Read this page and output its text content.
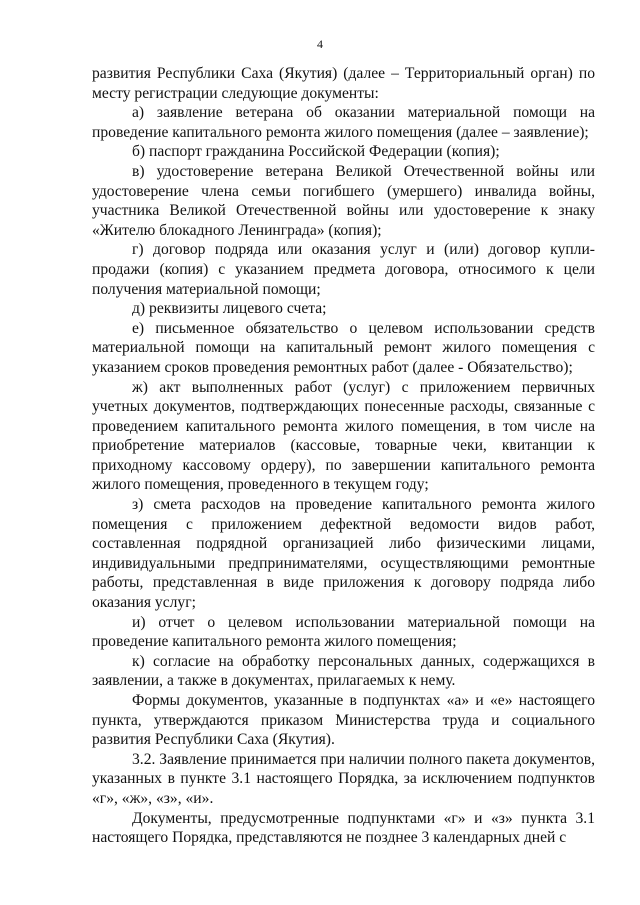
4

развития Республики Саха (Якутия) (далее – Территориальный орган) по месту регистрации следующие документы:

а) заявление ветерана об оказании материальной помощи на проведение капитального ремонта жилого помещения (далее – заявление);

б) паспорт гражданина Российской Федерации (копия);

в) удостоверение ветерана Великой Отечественной войны или удостоверение члена семьи погибшего (умершего) инвалида войны, участника Великой Отечественной войны или удостоверение к знаку «Жителю блокадного Ленинграда» (копия);

г) договор подряда или оказания услуг и (или) договор купли-продажи (копия) с указанием предмета договора, относимого к цели получения материальной помощи;

д) реквизиты лицевого счета;

е) письменное обязательство о целевом использовании средств материальной помощи на капитальный ремонт жилого помещения с указанием сроков проведения ремонтных работ (далее - Обязательство);

ж) акт выполненных работ (услуг) с приложением первичных учетных документов, подтверждающих понесенные расходы, связанные с проведением капитального ремонта жилого помещения, в том числе на приобретение материалов (кассовые, товарные чеки, квитанции к приходному кассовому ордеру), по завершении капитального ремонта жилого помещения, проведенного в текущем году;

з) смета расходов на проведение капитального ремонта жилого помещения с приложением дефектной ведомости видов работ, составленная подрядной организацией либо физическими лицами, индивидуальными предпринимателями, осуществляющими ремонтные работы, представленная в виде приложения к договору подряда либо оказания услуг;

и) отчет о целевом использовании материальной помощи на проведение капитального ремонта жилого помещения;

к) согласие на обработку персональных данных, содержащихся в заявлении, а также в документах, прилагаемых к нему.

Формы документов, указанные в подпунктах «а» и «е» настоящего пункта, утверждаются приказом Министерства труда и социального развития Республики Саха (Якутия).

3.2. Заявление принимается при наличии полного пакета документов, указанных в пункте 3.1 настоящего Порядка, за исключением подпунктов «г», «ж», «з», «и».

Документы, предусмотренные подпунктами «г» и «з» пункта 3.1 настоящего Порядка, представляются не позднее 3 календарных дней с
